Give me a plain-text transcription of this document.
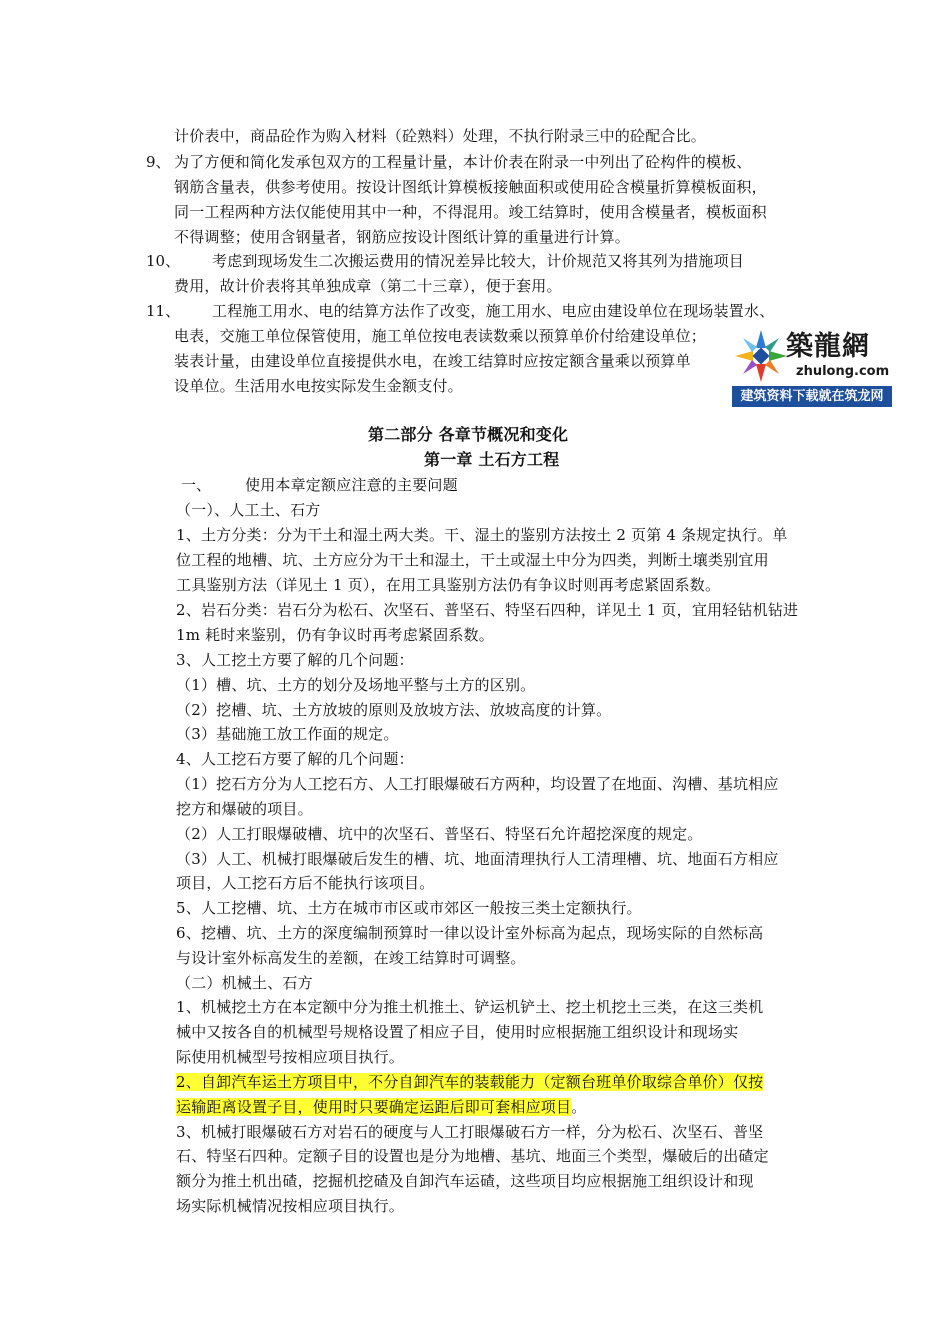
计价表中，商品砼作为购入材料（砼熟料）处理，不执行附录三中的砼配合比。
9、 为了方便和简化发承包双方的工程量计量，本计价表在附录一中列出了砼构件的模板、
钢筋含量表，供参考使用。按设计图纸计算模板接触面积或使用砼含模量折算模板面积，
同一工程两种方法仅能使用其中一种，不得混用。竣工结算时，使用含模量者，模板面积
不得调整；使用含钢量者，钢筋应按设计图纸计算的重量进行计算。
10、 考虑到现场发生二次搬运费用的情况差异比较大，计价规范又将其列为措施项目
费用，故计价表将其单独成章（第二十三章），便于套用。
11、 工程施工用水、电的结算方法作了改变，施工用水、电应由建设单位在现场装置水、
电表，交施工单位保管使用，施工单位按电表读数乘以预算单价付给建设单位；
装表计量，由建设单位直接提供水电，在竣工结算时应按定额含量乘以预算单
设单位。生活用水电按实际发生金额支付。
築龍網
zhulong.com
建筑资料下载就在筑龙网
第二部分 各章节概况和变化
第一章 土石方工程
一、 使用本章定额应注意的主要问题
（一）、人工土、石方
1、土方分类：分为干土和湿土两大类。干、湿土的鉴别方法按土 2 页第 4 条规定执行。单
位工程的地槽、坑、土方应分为干土和湿土，干土或湿土中分为四类，判断土壤类别宜用
工具鉴别方法（详见土 1 页），在用工具鉴别方法仍有争议时则再考虑紧固系数。
2、岩石分类：岩石分为松石、次坚石、普坚石、特坚石四种，详见土 1 页，宜用轻钻机钻进
1m 耗时来鉴别，仍有争议时再考虑紧固系数。
3、人工挖土方要了解的几个问题：
（1）槽、坑、土方的划分及场地平整与土方的区别。
（2）挖槽、坑、土方放坡的原则及放坡方法、放坡高度的计算。
（3）基础施工放工作面的规定。
4、人工挖石方要了解的几个问题：
（1）挖石方分为人工挖石方、人工打眼爆破石方两种，均设置了在地面、沟槽、基坑相应
挖方和爆破的项目。
（2）人工打眼爆破槽、坑中的次坚石、普坚石、特坚石允许超挖深度的规定。
（3）人工、机械打眼爆破后发生的槽、坑、地面清理执行人工清理槽、坑、地面石方相应
项目，人工挖石方后不能执行该项目。
5、人工挖槽、坑、土方在城市市区或市郊区一般按三类土定额执行。
6、挖槽、坑、土方的深度编制预算时一律以设计室外标高为起点，现场实际的自然标高
与设计室外标高发生的差额，在竣工结算时可调整。
（二）机械土、石方
1、机械挖土方在本定额中分为推土机推土、铲运机铲土、挖土机挖土三类，在这三类机
械中又按各自的机械型号规格设置了相应子目，使用时应根据施工组织设计和现场实
际使用机械型号按相应项目执行。
2、自卸汽车运土方项目中，不分自卸汽车的装载能力（定额台班单价取综合单价）仅按
运输距离设置子目，使用时只要确定运距后即可套相应项目。
3、机械打眼爆破石方对岩石的硬度与人工打眼爆破石方一样，分为松石、次坚石、普坚
石、特坚石四种。定额子目的设置也是分为地槽、基坑、地面三个类型，爆破后的出碴定
额分为推土机出碴，挖掘机挖碴及自卸汽车运碴，这些项目均应根据施工组织设计和现
场实际机械情况按相应项目执行。
